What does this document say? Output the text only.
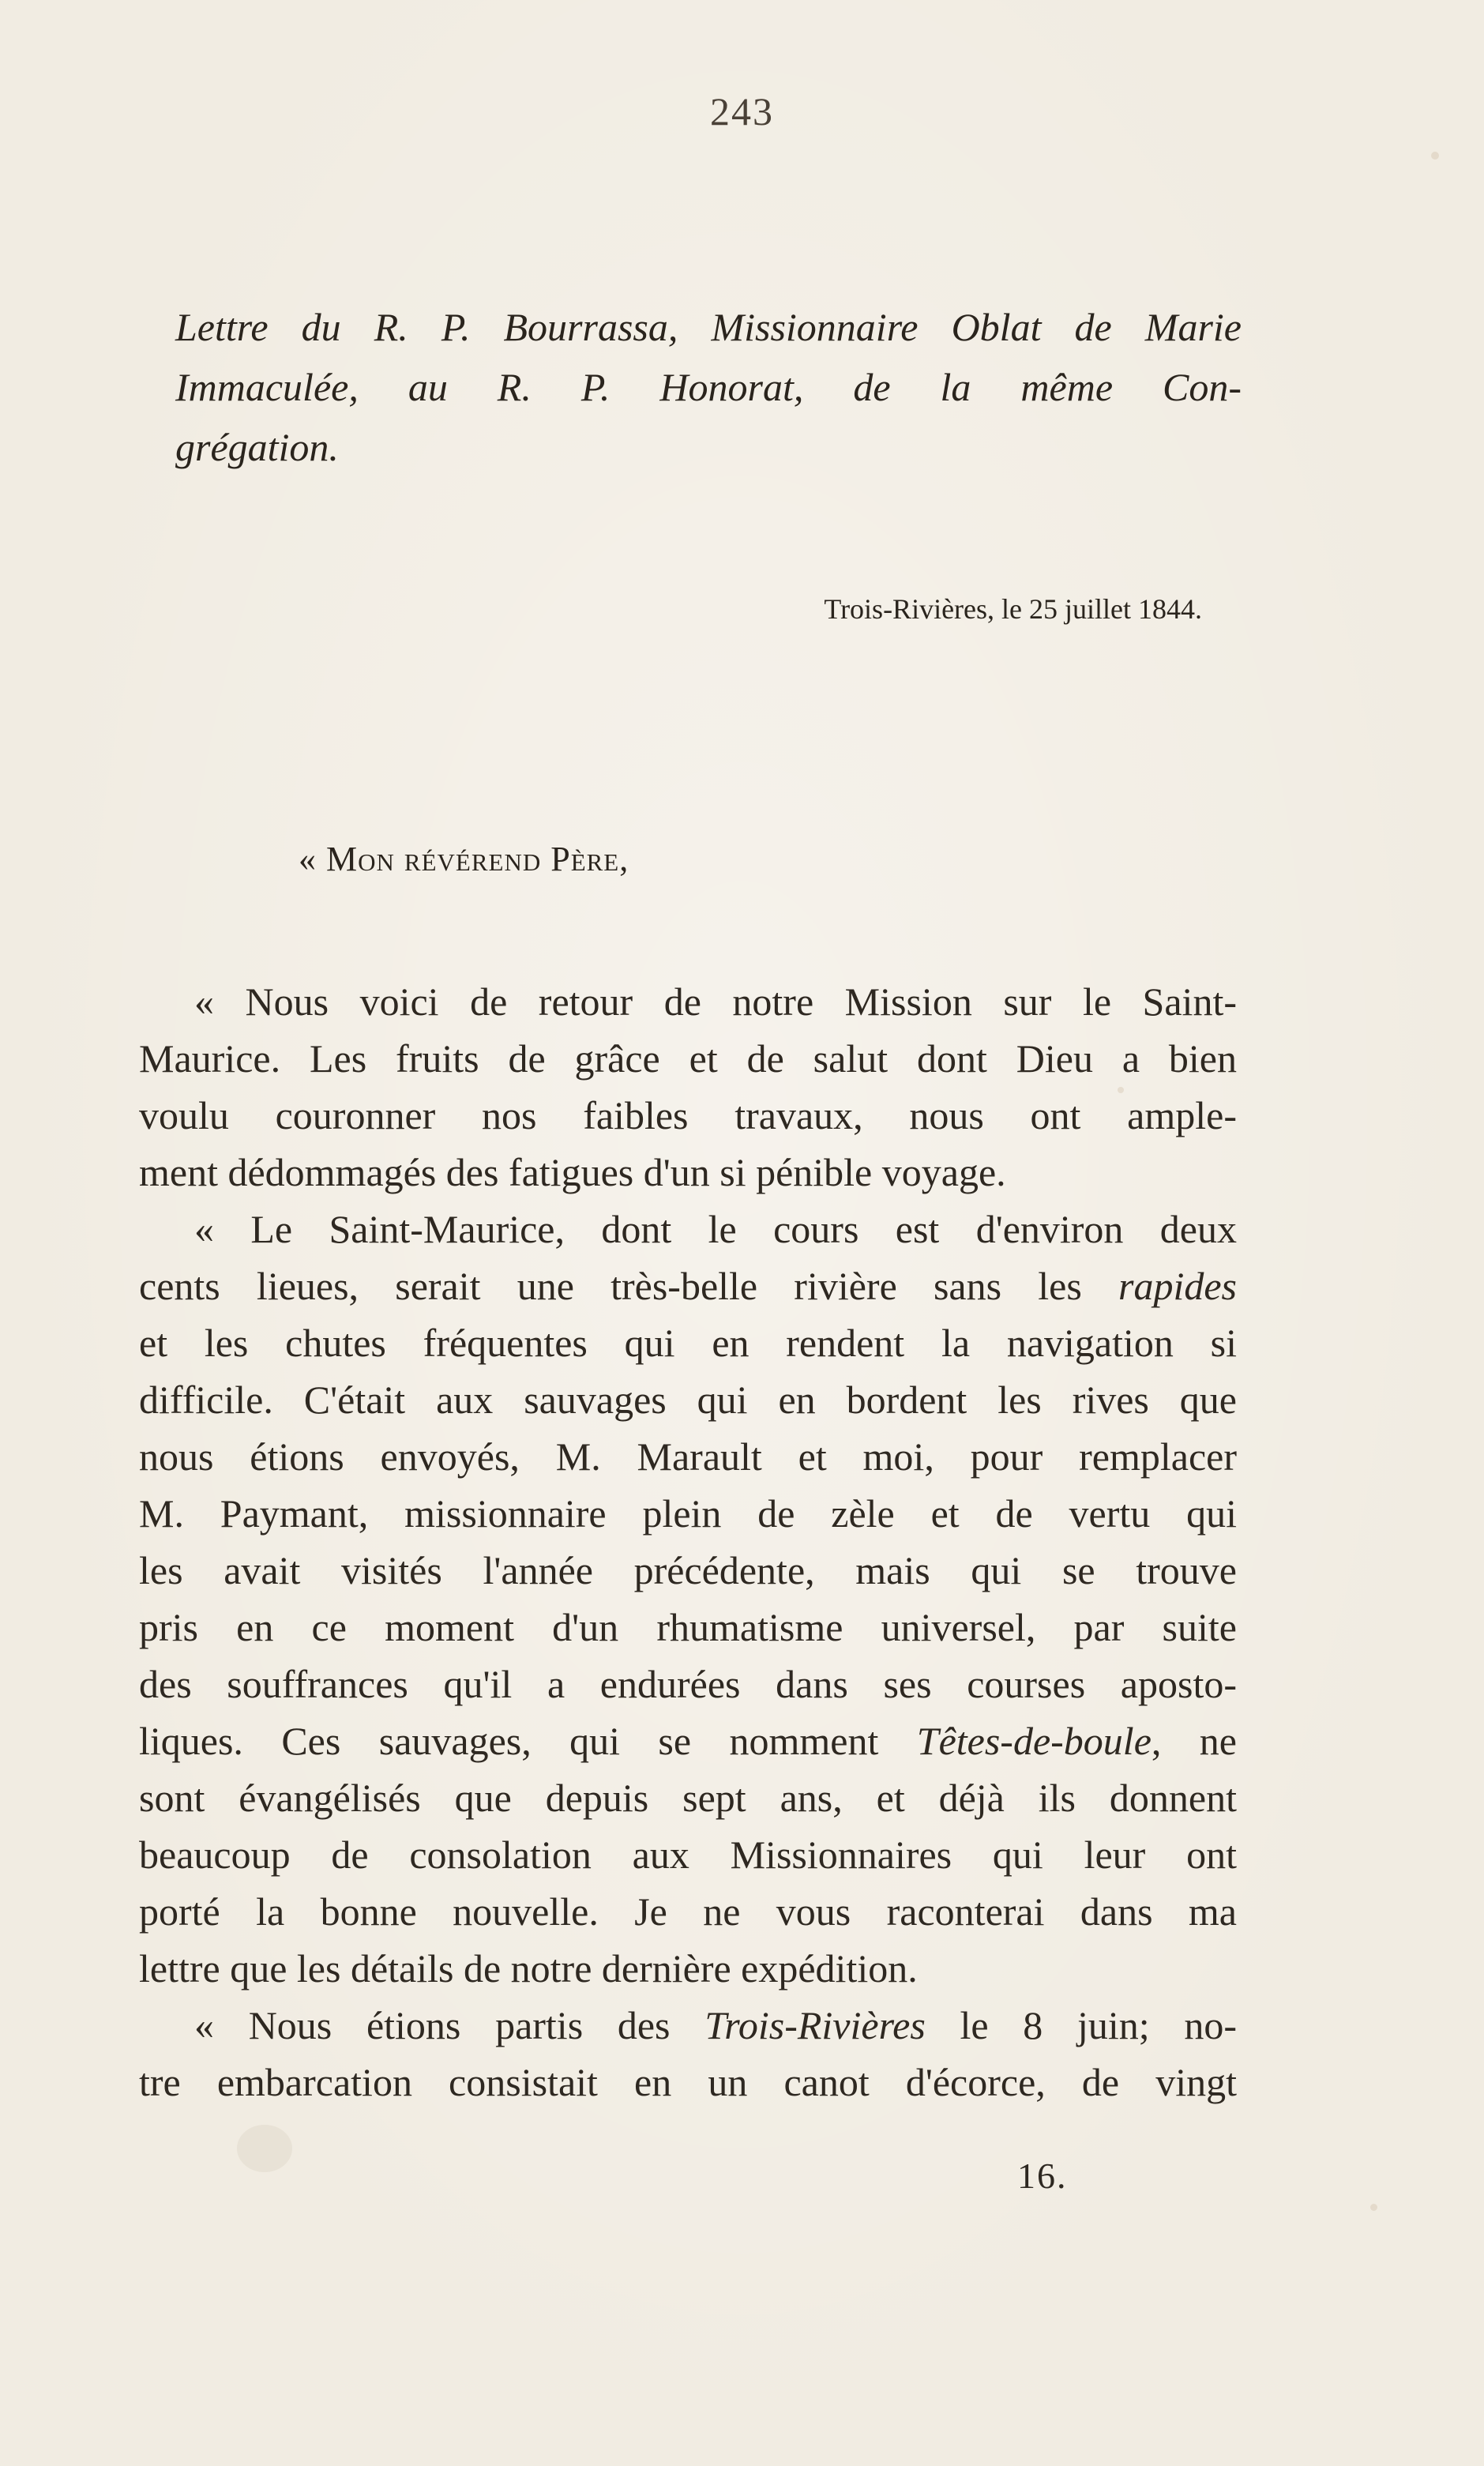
243
Lettre du R. P. Bourrassa, Missionnaire Oblat de Marie
Immaculée, au R. P. Honorat, de la même Con-
grégation.
Trois-Rivières, le 25 juillet 1844.
« Mon révérend Père,
« Nous voici de retour de notre Mission sur le Saint-
Maurice. Les fruits de grâce et de salut dont Dieu a bien
voulu couronner nos faibles travaux, nous ont ample-
ment dédommagés des fatigues d'un si pénible voyage.
« Le Saint-Maurice, dont le cours est d'environ deux
cents lieues, serait une très-belle rivière sans les rapides
et les chutes fréquentes qui en rendent la navigation si
difficile. C'était aux sauvages qui en bordent les rives que
nous étions envoyés, M. Marault et moi, pour remplacer
M. Paymant, missionnaire plein de zèle et de vertu qui
les avait visités l'année précédente, mais qui se trouve
pris en ce moment d'un rhumatisme universel, par suite
des souffrances qu'il a endurées dans ses courses aposto-
liques. Ces sauvages, qui se nomment Têtes-de-boule, ne
sont évangélisés que depuis sept ans, et déjà ils donnent
beaucoup de consolation aux Missionnaires qui leur ont
porté la bonne nouvelle. Je ne vous raconterai dans ma
lettre que les détails de notre dernière expédition.
« Nous étions partis des Trois-Rivières le 8 juin; no-
tre embarcation consistait en un canot d'écorce, de vingt
16.
